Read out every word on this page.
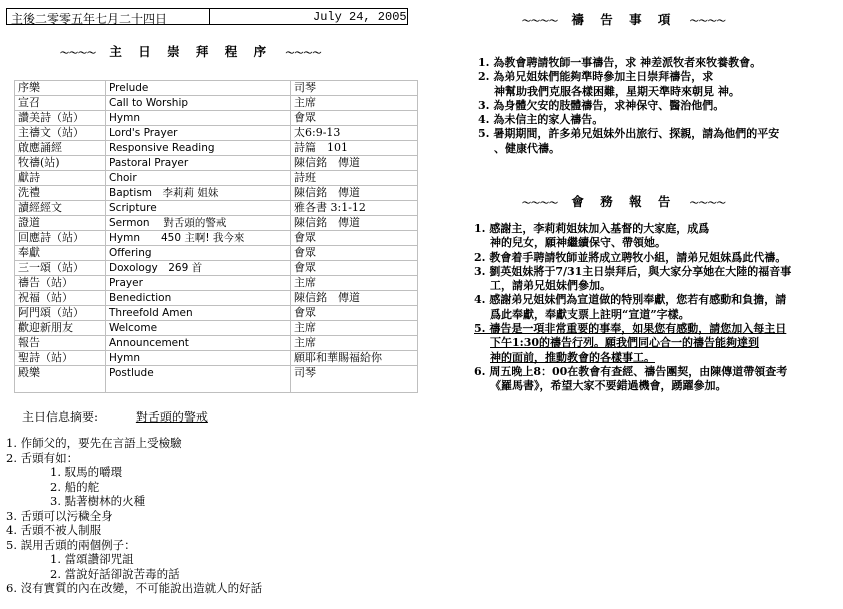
主後二零零五年七月二十四日	July 24, 2005
～～～～ 主 日 崇 拜 程 序 ～～～～
序樂	Prelude	司琴
宣召	Call to Worship	主席
讚美詩（站）	Hymn	會眾
主禱文（站）	Lord's Prayer	太6:9-13
啟應誦經	Responsive Reading	詩篇　101
牧禱(站)	Pastoral Prayer	陳信銘　傳道
獻詩	Choir	詩班
洗禮	Baptism　李莉莉 姐妹	陳信銘　傳道
讀經經文	Scripture	雅各書 3:1-12
證道	Sermon　 對舌頭的警戒	陳信銘　傳道
回應詩（站）	Hymn　　450 主啊! 我今來	會眾
奉獻	Offering	會眾
三一頌（站）	Doxology　269 首	會眾
禱告（站）	Prayer	主席
祝福（站）	Benediction	陳信銘　傳道
阿門頌（站）	Threefold Amen	會眾
歡迎新朋友	Welcome	主席
報告	Announcement	主席
聖詩（站）	Hymn	願耶和華賜福給你
殿樂	Postlude	司琴
主日信息摘要:	對舌頭的警戒
1. 作師父的，要先在言語上受檢驗
2. 舌頭有如：
1. 馭馬的嚼環
2. 船的舵
3. 點著樹林的火種
3. 舌頭可以污穢全身
4. 舌頭不被人制服
5. 誤用舌頭的兩個例子：
1. 當頌讚卻咒詛
2. 當說好話卻說苦毒的話
6. 沒有實質的內在改變，不可能說出造就人的好話
～～～～ 禱 告 事 項 ～～～～
1. 為教會聘請牧師一事禱告，求 神差派牧者來牧養教會。
2. 為弟兄姐妹們能夠準時參加主日崇拜禱告，求
神幫助我們克服各樣困難，星期天準時來朝見 神。
3. 為身體欠安的肢體禱告，求神保守、醫治他們。
4. 為未信主的家人禱告。
5. 暑期期間，許多弟兄姐妹外出旅行、探親，請為他們的平安
、健康代禱。
～～～～ 會 務 報 告 ～～～～
1. 感謝主，李莉莉姐妹加入基督的大家庭，成爲
神的兒女，願神繼續保守、帶領她。
2. 教會着手聘請牧師並將成立聘牧小組，請弟兄姐妹爲此代禱。
3. 劉英姐妹將于7/31主日崇拜后，與大家分享她在大陸的福音事
工，請弟兄姐妹們參加。
4. 感謝弟兄姐妹們為宣道做的特別奉獻，您若有感動和負擔，請
爲此奉獻，奉獻支票上註明“宣道”字樣。
5. 禱告是一項非常重要的事奉，如果您有感動，請您加入每主日
下午1:30的禱告行列。願我們同心合一的禱告能夠達到
神的面前，推動教會的各樣事工。
6. 周五晚上8：00在教會有查經、禱告團契，由陳傳道帶領查考
《羅馬書》，希望大家不要錯過機會，踴躍參加。
